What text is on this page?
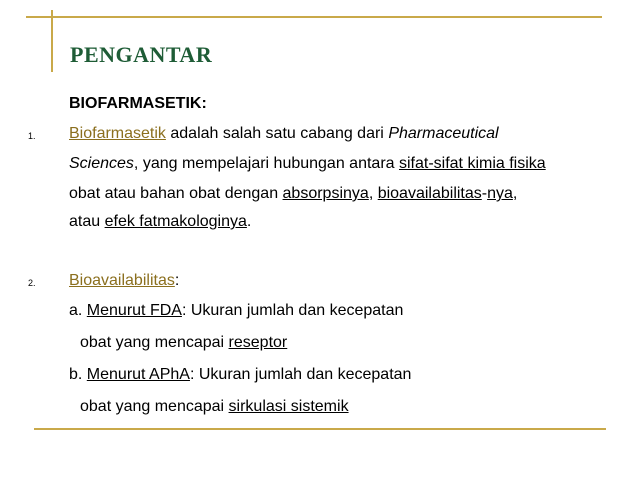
PENGANTAR
BIOFARMASETIK:
1. Biofarmasetik adalah salah satu cabang dari Pharmaceutical
Sciences, yang mempelajari hubungan antara sifat-sifat kimia fisika
obat atau bahan obat dengan absorpsinya, bioavailabilitas-nya,
atau efek fatmakologinya.
2. Bioavailabilitas:
a. Menurut FDA: Ukuran jumlah dan kecepatan
obat yang mencapai reseptor
b. Menurut APhA: Ukuran jumlah dan kecepatan
obat yang mencapai sirkulasi sistemik
